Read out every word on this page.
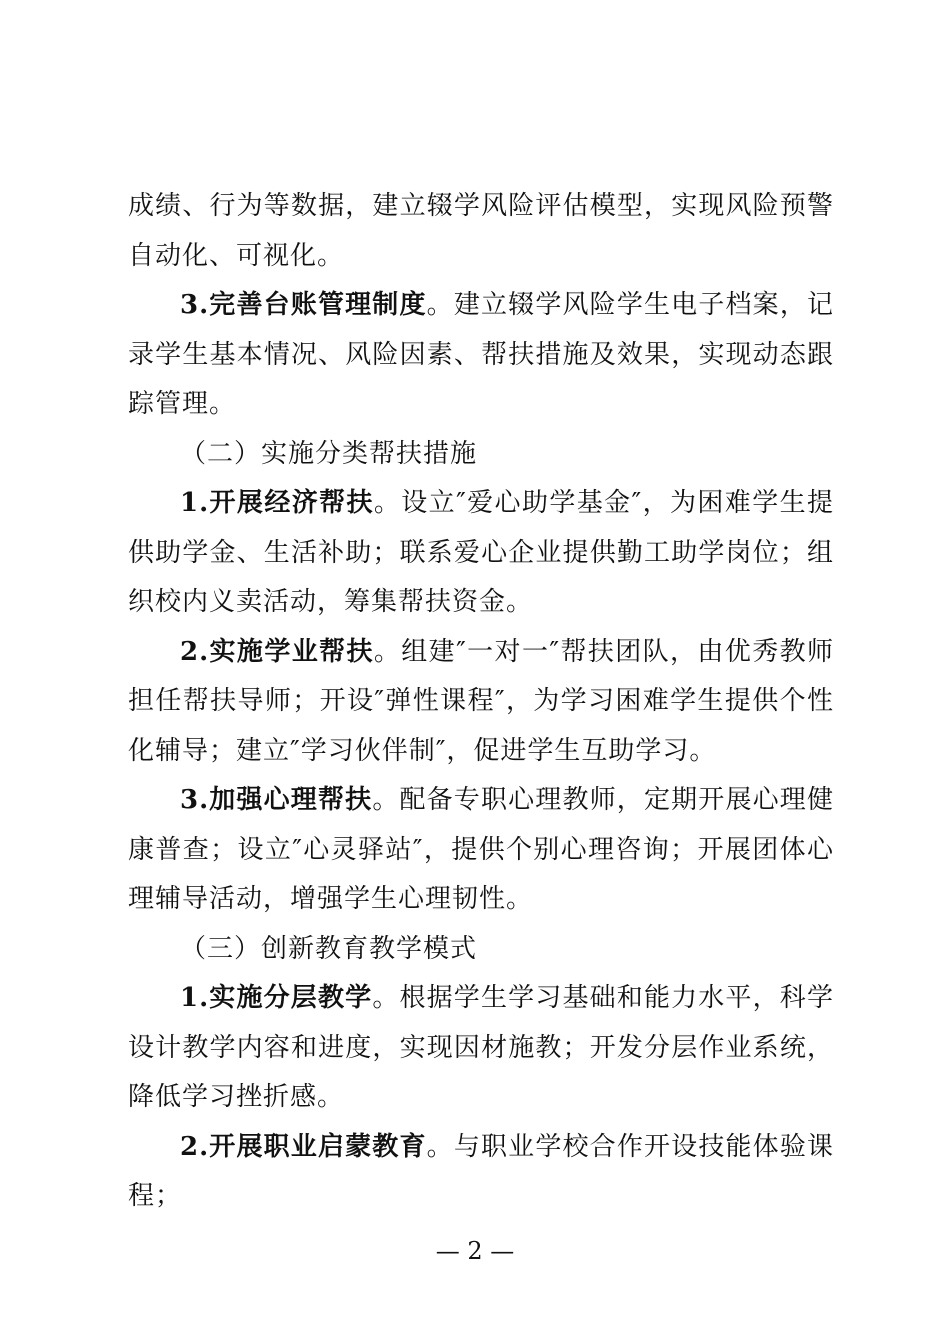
成绩、行为等数据，建立辍学风险评估模型，实现风险预警自动化、可视化。

3.完善台账管理制度。建立辍学风险学生电子档案，记录学生基本情况、风险因素、帮扶措施及效果，实现动态跟踪管理。

（二）实施分类帮扶措施

1.开展经济帮扶。设立″爱心助学基金″，为困难学生提供助学金、生活补助；联系爱心企业提供勤工助学岗位；组织校内义卖活动，筹集帮扶资金。

2.实施学业帮扶。组建″一对一″帮扶团队，由优秀教师担任帮扶导师；开设″弹性课程″，为学习困难学生提供个性化辅导；建立″学习伙伴制″，促进学生互助学习。

3.加强心理帮扶。配备专职心理教师，定期开展心理健康普查；设立″心灵驿站″，提供个别心理咨询；开展团体心理辅导活动，增强学生心理韧性。

（三）创新教育教学模式

1.实施分层教学。根据学生学习基础和能力水平，科学设计教学内容和进度，实现因材施教；开发分层作业系统，降低学习挫折感。

2.开展职业启蒙教育。与职业学校合作开设技能体验课程；

— 2 —
